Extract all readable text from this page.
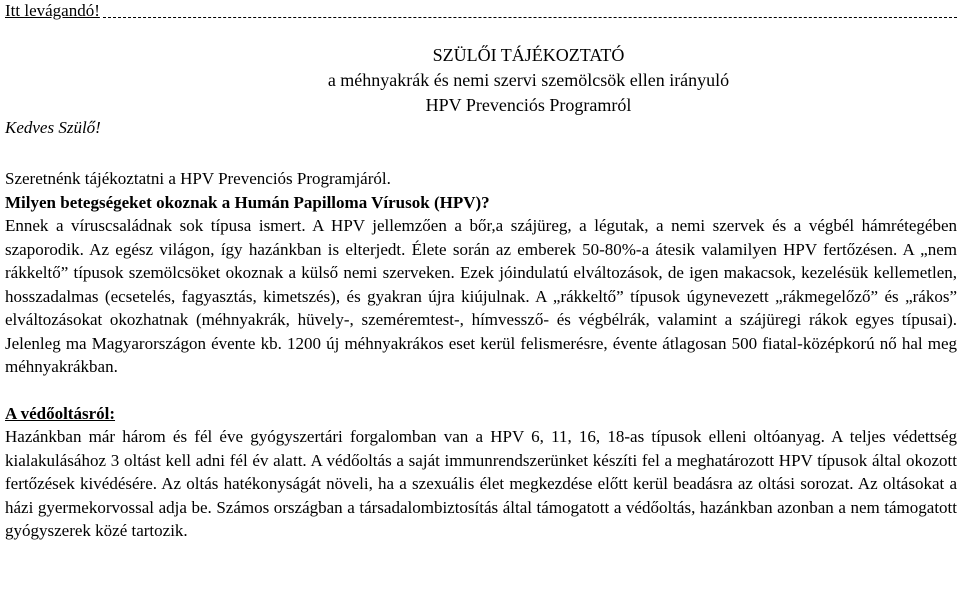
Itt levágandó!
SZÜLŐI TÁJÉKOZTATÓ
a méhnyakrák és nemi szervi szemölcsök ellen irányuló
HPV Prevenciós Programról
Kedves Szülő!

Szeretnénk tájékoztatni a HPV Prevenciós Programjáról.

Milyen betegségeket okoznak a Humán Papilloma Vírusok (HPV)?

Ennek a víruscsaládnak sok típusa ismert. A HPV jellemzően a bőr,a szájüreg, a légutak, a nemi szervek és a végbél hámrétegében szaporodik. Az egész világon, így hazánkban is elterjedt. Élete során az emberek 50-80%-a átesik valamilyen HPV fertőzésen. A „nem rákkeltő” típusok szemölcsöket okoznak a külső nemi szerveken. Ezek jóindulatú elváltozások, de igen makacsok, kezelésük kellemetlen, hosszadalmas (ecsetelés, fagyasztás, kimetszés), és gyakran újra kiújulnak. A „rákkeltő” típusok úgynevezett „rákmegelőző” és „rákos” elváltozásokat okozhatnak (méhnyakrák, hüvely-, szeméremtest-, hímvessző- és végbélrák, valamint a szájüregi rákok egyes típusai). Jelenleg ma Magyarországon évente kb. 1200 új méhnyakrákos eset kerül felismerésre, évente átlagosan 500 fiatal-középkorú nő hal meg méhnyakrákban.

A védőoltásról:

Hazánkban már három és fél éve gyógyszertári forgalomban van a HPV 6, 11, 16, 18-as típusok elleni oltóanyag. A teljes védettség kialakulásához 3 oltást kell adni fél év alatt. A védőoltás a saját immunrendszerünket készíti fel a meghatározott HPV típusok által okozott fertőzések kivédésére. Az oltás hatékonyságát növeli, ha a szexuális élet megkezdése előtt kerül beadásra az oltási sorozat. Az oltásokat a házi gyermekorvossal adja be. Számos országban a társadalombiztosítás által támogatott a védőoltás, hazánkban azonban a nem támogatott gyógyszerek közé tartozik.
